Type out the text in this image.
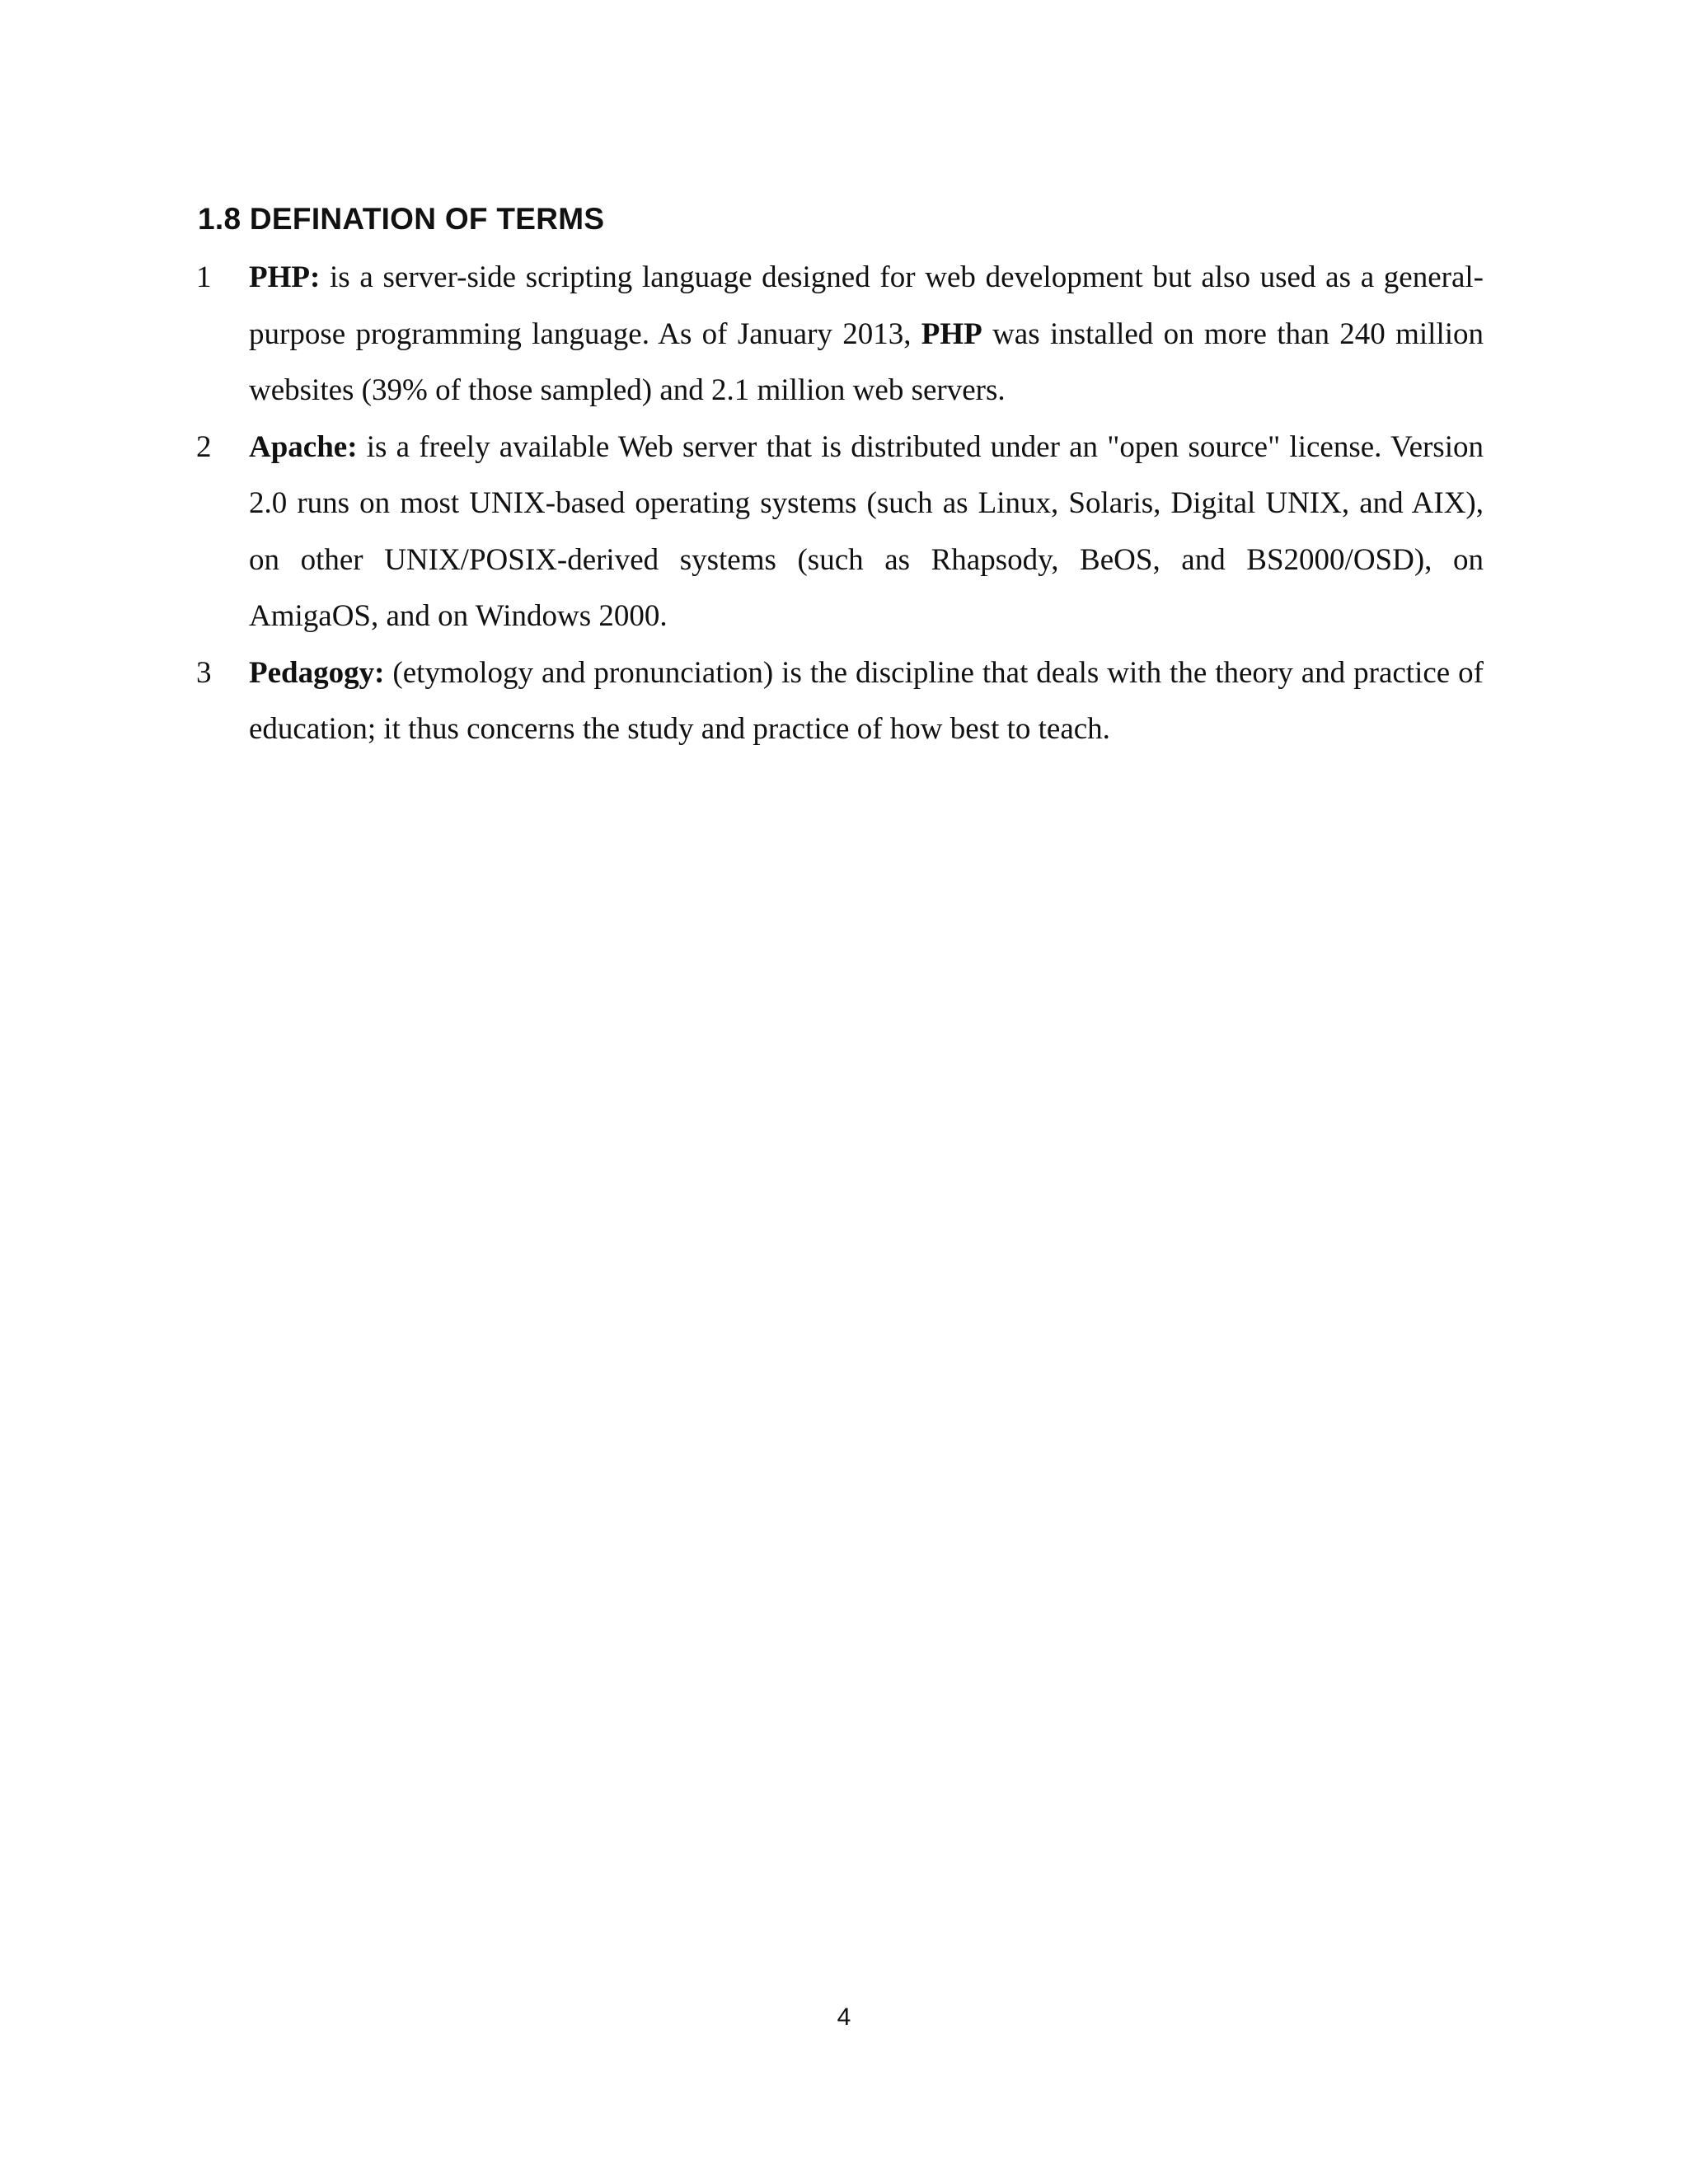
1.8 DEFINATION OF TERMS
1 PHP: is a server-side scripting language designed for web development but also used as a general-purpose programming language. As of January 2013, PHP was installed on more than 240 million websites (39% of those sampled) and 2.1 million web servers.

2 Apache: is a freely available Web server that is distributed under an "open source" license. Version 2.0 runs on most UNIX-based operating systems (such as Linux, Solaris, Digital UNIX, and AIX), on other UNIX/POSIX-derived systems (such as Rhapsody, BeOS, and BS2000/OSD), on AmigaOS, and on Windows 2000.

3 Pedagogy: (etymology and pronunciation) is the discipline that deals with the theory and practice of education; it thus concerns the study and practice of how best to teach.

4
